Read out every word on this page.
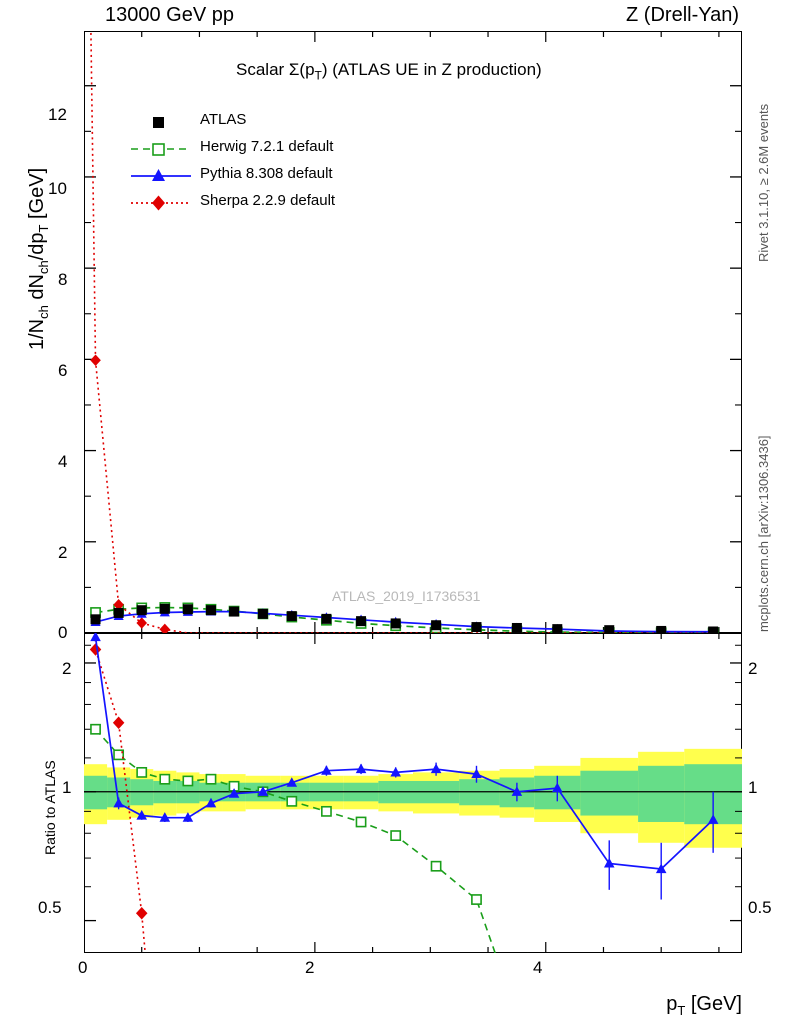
13000 GeV pp	Z (Drell-Yan)
Scalar $\Sigma(p_T)$ (ATLAS UE in Z production)
ATLAS_2019_I1736531
$1/N_{ch}$ $dN_{ch}/dp_T$ [GeV]
Ratio to ATLAS
$p_T$ [GeV]
Rivet 3.1.10, ≥ 2.6M events
mcplots.cern.ch [arXiv:1306.3436]
ATLAS
Herwig 7.2.1 default
Pythia 8.308 default
Sherpa 2.2.9 default
0
2
4
6
8
10
12
0.5
1
2
0.5
1
2
0	2	4
